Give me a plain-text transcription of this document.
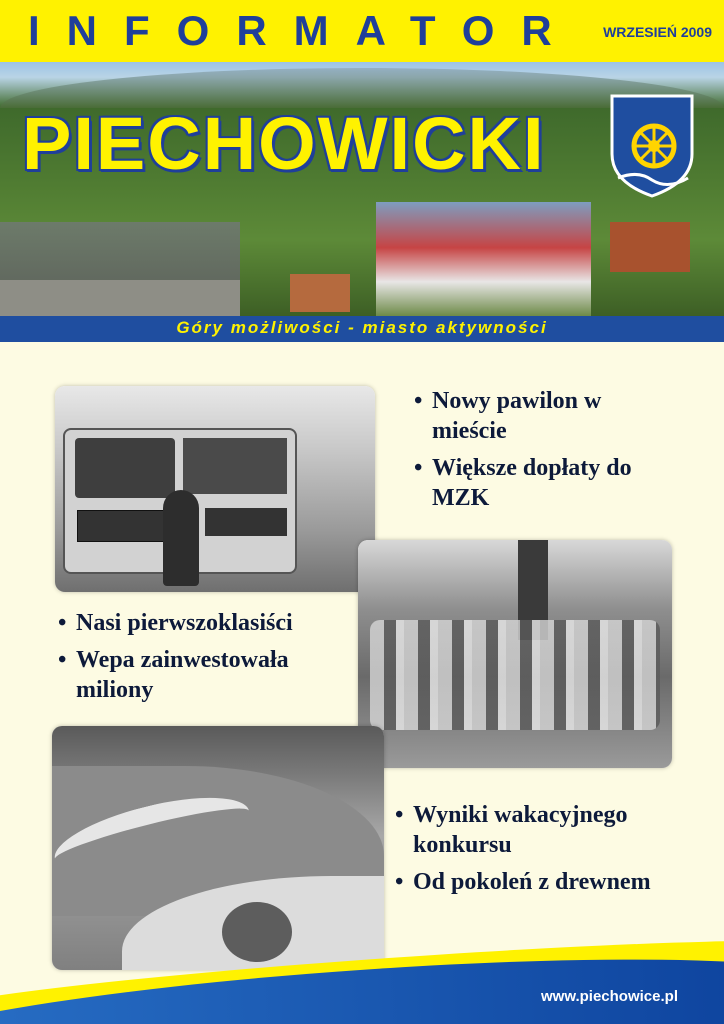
INFORMATOR WRZESIEŃ 2009
PIECHOWICKI
Góry możliwości - miasto aktywności
• Nowy pawilon w mieście
• Większe dopłaty do MZK
• Nasi pierwszoklasiści
• Wepa zainwestowała miliony
• Wyniki wakacyjnego konkursu
• Od pokoleń z drewnem
www.piechowice.pl
